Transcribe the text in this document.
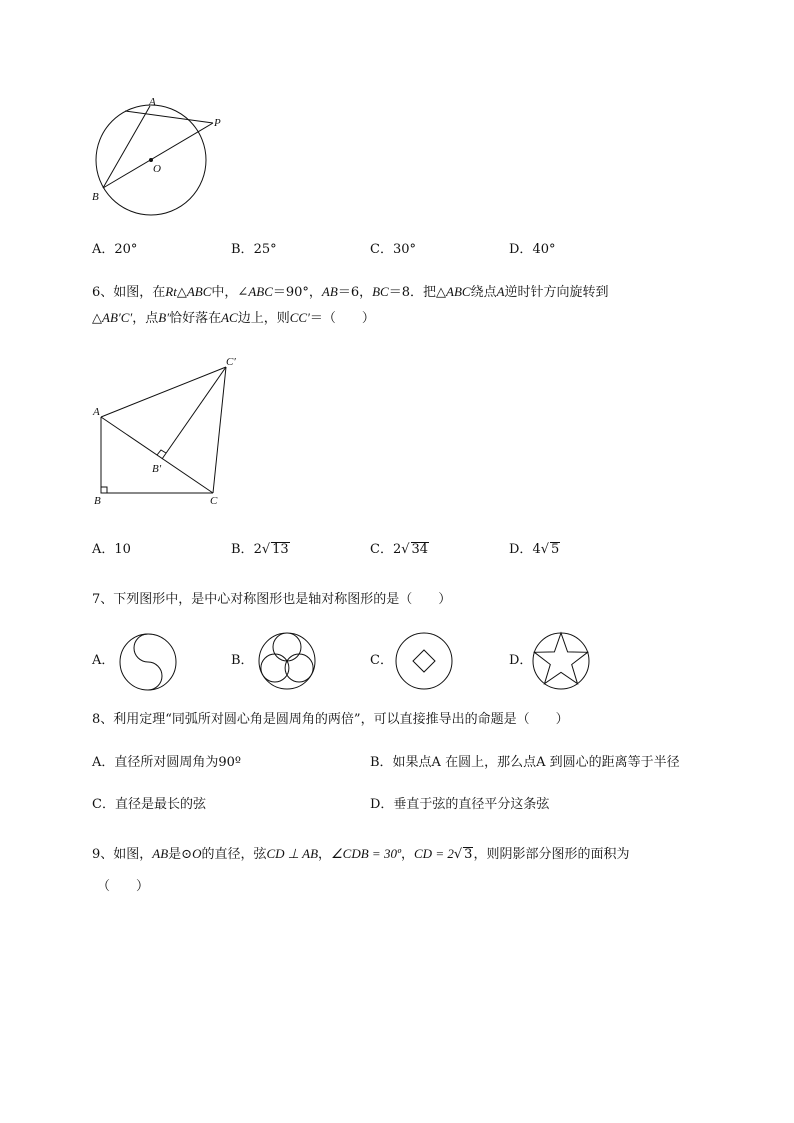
A
P
O
B
A．20°	B．25°	C．30°	D．40°
6、如图，在Rt△ABC中，∠ABC＝90°，AB＝6，BC＝8．把△ABC绕点A逆时针方向旋转到
△AB′C′，点B′恰好落在AC边上，则CC′＝（　　）
C′
A
B′
B	C
A．10	B．2√ 13	C．2√ 34	D．4√ 5
7、下列图形中，是中心对称图形也是轴对称图形的是（　　）
A．	B．	C．	D．
8、利用定理“同弧所对圆心角是圆周角的两倍”，可以直接推导出的命题是（　　）
A．直径所对圆周角为90º	B．如果点A 在圆上，那么点A 到圆心的距离等于半径
C．直径是最长的弦	D．垂直于弦的直径平分这条弦
9、如图，AB是⊙O的直径，弦CD ⊥ AB，∠CDB = 30º，CD = 2√ 3，则阴影部分图形的面积为
（　　）
